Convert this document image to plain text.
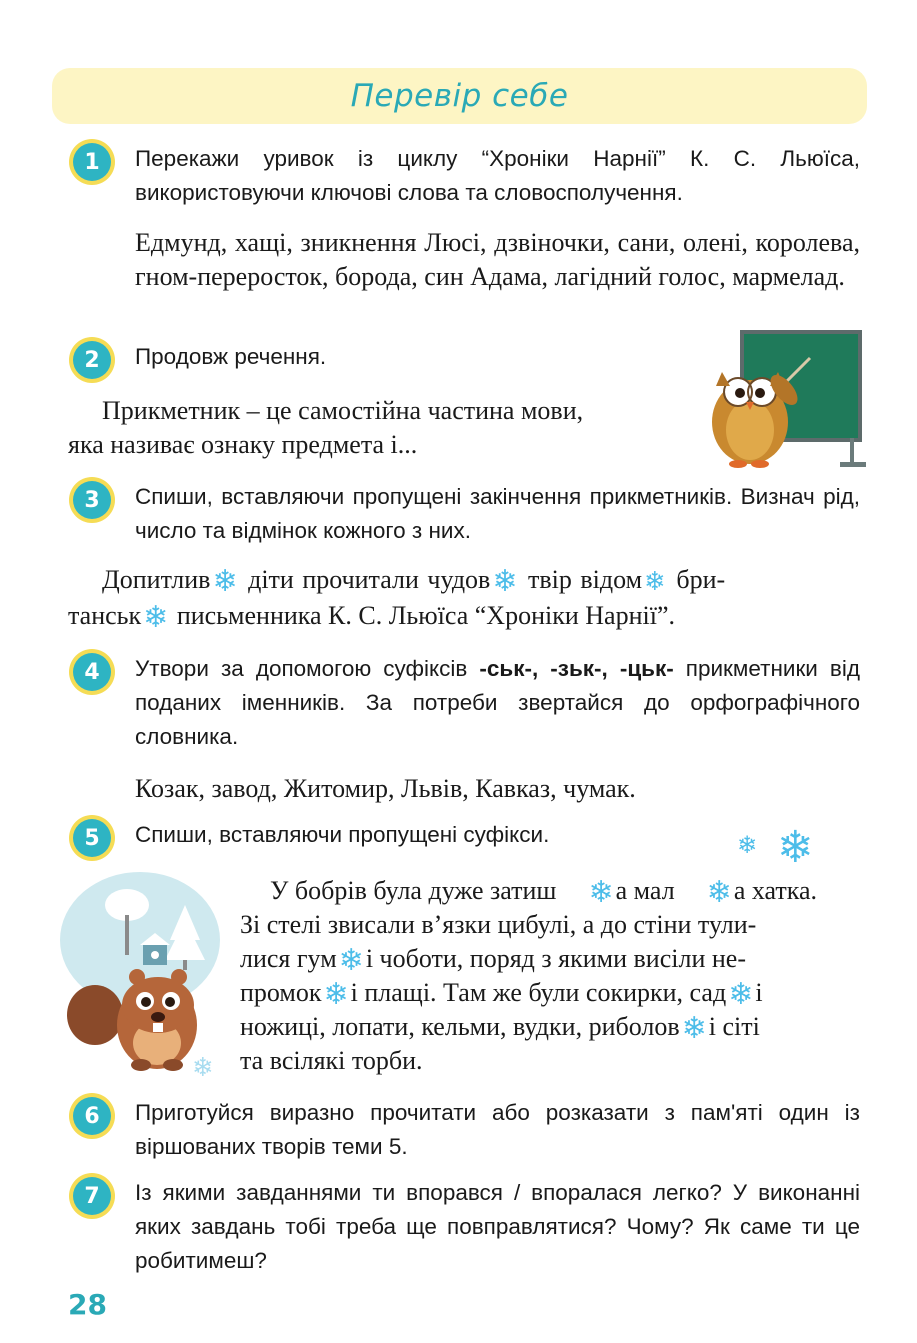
Перевір себе
1	Перекажи уривок із циклу “Хроніки Нарнії” К. С. Льюїса, використовуючи ключові слова та словосполучення.
Едмунд, хащі, зникнення Люсі, дзвіночки, сани, олені, королева, гном-переросток, борода, син Адама, лагідний голос, мармелад.
2	Продовж речення.
Прикметник – це самостійна частина мови,
яка називає ознаку предмета і...
3	Спиши, вставляючи пропущені закінчення прикметників. Визнач рід, число та відмінок кожного з них.
Допитлив❄ діти прочитали чудов❄ твір відом❄ бри-
танськ❄ письменника К. С. Льюїса “Хроніки Нарнії”.
4	Утвори за допомогою суфіксів -ськ-, -зьк-, -цьк- прикметники від поданих іменників. За потреби звертайся до орфографічного словника.
Козак, завод, Житомир, Львів, Кавказ, чумак.
5	Спиши, вставляючи пропущені суфікси.	❄ ❄
❄
У бобрів була дуже затиш ❄а мал ❄а хатка.
Зі стелі звисали в’язки цибулі, а до стіни тули-
лися гум❄і чоботи, поряд з якими висіли не-
промок❄і плащі. Там же були сокирки, сад❄і
ножиці, лопати, кельми, вудки, риболов❄і сіті
та всілякі торби.
6	Приготуйся виразно прочитати або розказати з пам'яті один із віршованих творів теми 5.
7	Із якими завданнями ти впорався / впоралася легко? У виконанні яких завдань тобі треба ще повправлятися? Чому? Як саме ти це робитимеш?
28
